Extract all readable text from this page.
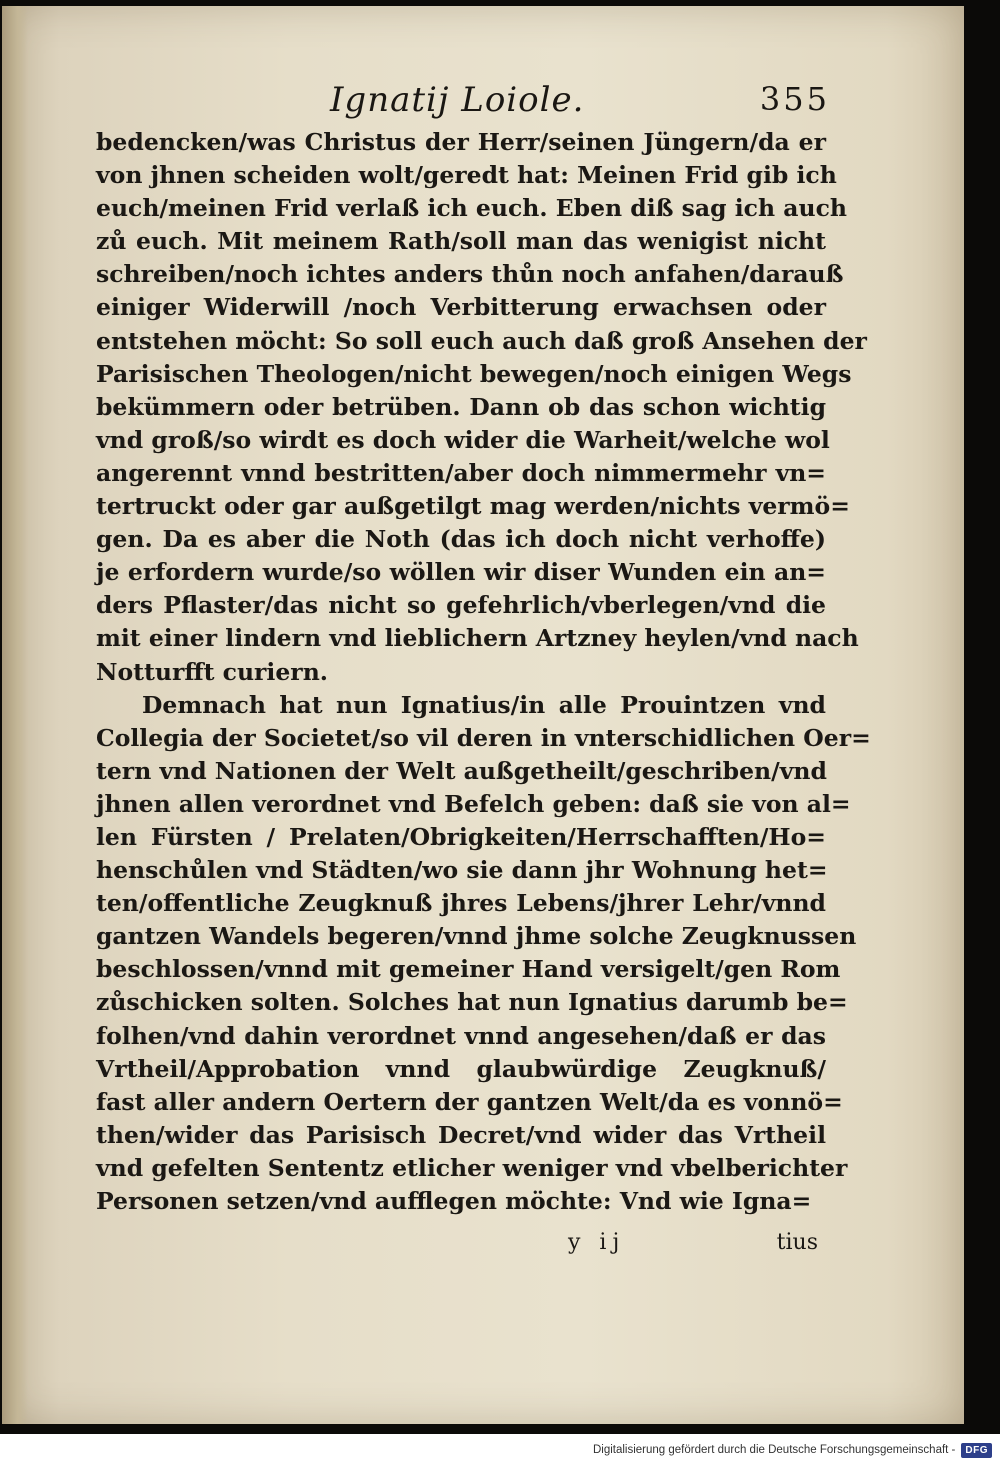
Ignatij Loiole.	355
bedencken/was Christus der Herr/seinen Jüngern/da er
von jhnen scheiden wolt/geredt hat: Meinen Frid gib ich
euch/meinen Frid verlaß ich euch. Eben diß sag ich auch
zů euch. Mit meinem Rath/soll man das wenigist nicht
schreiben/noch ichtes anders thůn noch anfahen/darauß
einiger Widerwill /noch Verbitterung erwachsen oder
entstehen möcht: So soll euch auch daß groß Ansehen der
Parisischen Theologen/nicht bewegen/noch einigen Wegs
bekümmern oder betrüben. Dann ob das schon wichtig
vnd groß/so wirdt es doch wider die Warheit/welche wol
angerennt vnnd bestritten/aber doch nimmermehr vn=
tertruckt oder gar außgetilgt mag werden/nichts vermö=
gen. Da es aber die Noth (das ich doch nicht verhoffe)
je erfordern wurde/so wöllen wir diser Wunden ein an=
ders Pflaster/das nicht so gefehrlich/vberlegen/vnd die
mit einer lindern vnd lieblichern Artzney heylen/vnd nach
Notturfft curiern.
Demnach hat nun Ignatius/in alle Prouintzen vnd
Collegia der Societet/so vil deren in vnterschidlichen Oer=
tern vnd Nationen der Welt außgetheilt/geschriben/vnd
jhnen allen verordnet vnd Befelch geben: daß sie von al=
len Fürsten / Prelaten/Obrigkeiten/Herrschafften/Ho=
henschůlen vnd Städten/wo sie dann jhr Wohnung het=
ten/offentliche Zeugknuß jhres Lebens/jhrer Lehr/vnnd
gantzen Wandels begeren/vnnd jhme solche Zeugknussen
beschlossen/vnnd mit gemeiner Hand versigelt/gen Rom
zůschicken solten. Solches hat nun Ignatius darumb be=
folhen/vnd dahin verordnet vnnd angesehen/daß er das
Vrtheil/Approbation vnnd glaubwürdige Zeugknuß/
fast aller andern Oertern der gantzen Welt/da es vonnö=
then/wider das Parisisch Decret/vnd wider das Vrtheil
vnd gefelten Sententz etlicher weniger vnd vbelberichter
Personen setzen/vnd aufflegen möchte: Vnd wie Igna=
y ij	tius
Digitalisierung gefördert durch die Deutsche Forschungsgemeinschaft -	DFG
